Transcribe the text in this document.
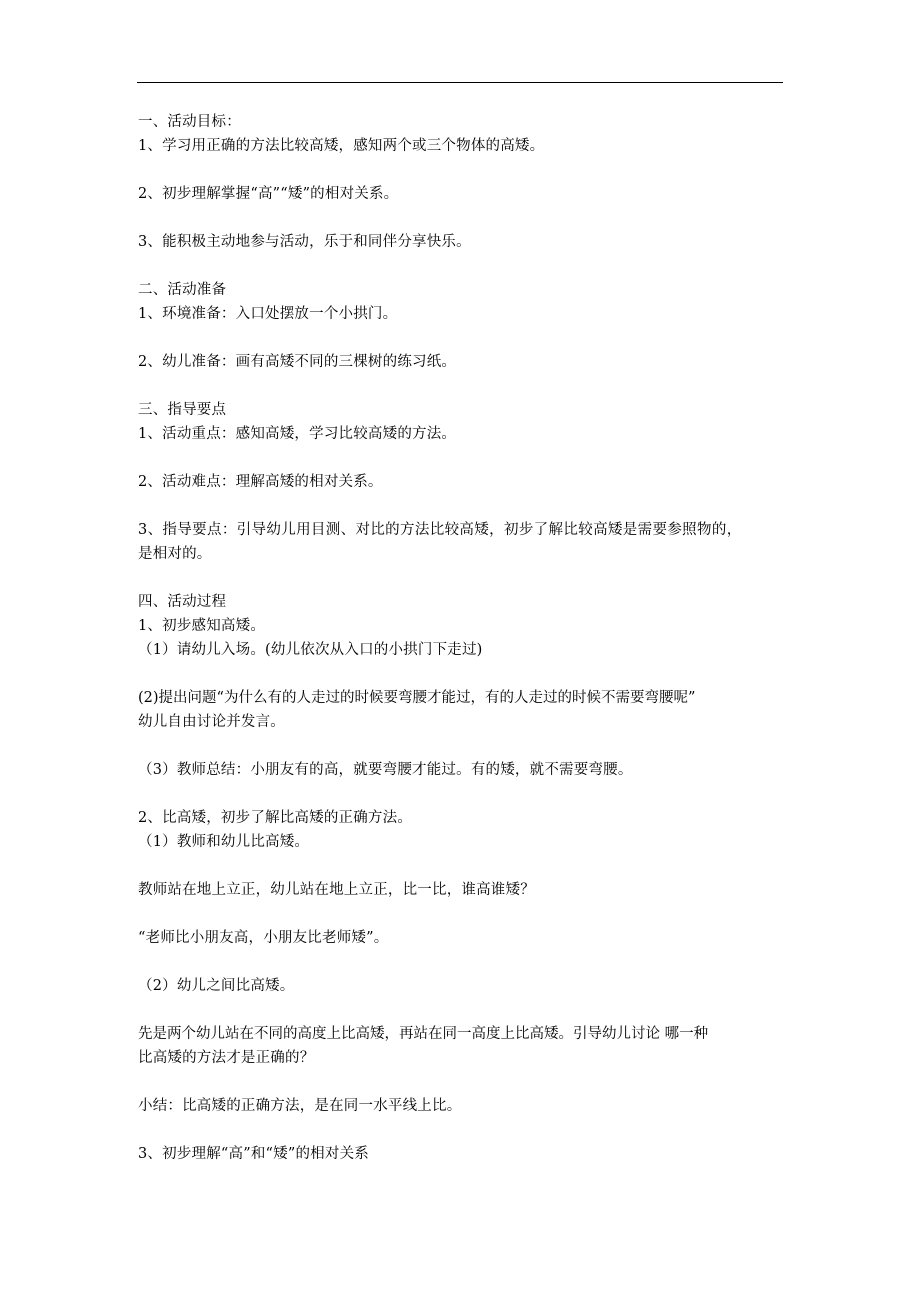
一、活动目标：
1、学习用正确的方法比较高矮，感知两个或三个物体的高矮。
2、初步理解掌握“高”“矮”的相对关系。
3、能积极主动地参与活动，乐于和同伴分享快乐。
二、活动准备
1、环境准备：入口处摆放一个小拱门。
2、幼儿准备：画有高矮不同的三棵树的练习纸。
三、指导要点
1、活动重点：感知高矮，学习比较高矮的方法。
2、活动难点：理解高矮的相对关系。
3、指导要点：引导幼儿用目测、对比的方法比较高矮，初步了解比较高矮是需要参照物的，
是相对的。
四、活动过程
1、初步感知高矮。
（1）请幼儿入场。(幼儿依次从入口的小拱门下走过)
(2)提出问题“为什么有的人走过的时候要弯腰才能过，有的人走过的时候不需要弯腰呢”
幼儿自由讨论并发言。
（3）教师总结：小朋友有的高，就要弯腰才能过。有的矮，就不需要弯腰。
2、比高矮，初步了解比高矮的正确方法。
（1）教师和幼儿比高矮。
教师站在地上立正，幼儿站在地上立正，比一比，谁高谁矮？
“老师比小朋友高，小朋友比老师矮”。
（2）幼儿之间比高矮。
先是两个幼儿站在不同的高度上比高矮，再站在同一高度上比高矮。引导幼儿讨论 哪一种
比高矮的方法才是正确的？
小结：比高矮的正确方法，是在同一水平线上比。
3、初步理解“高”和“矮”的相对关系
